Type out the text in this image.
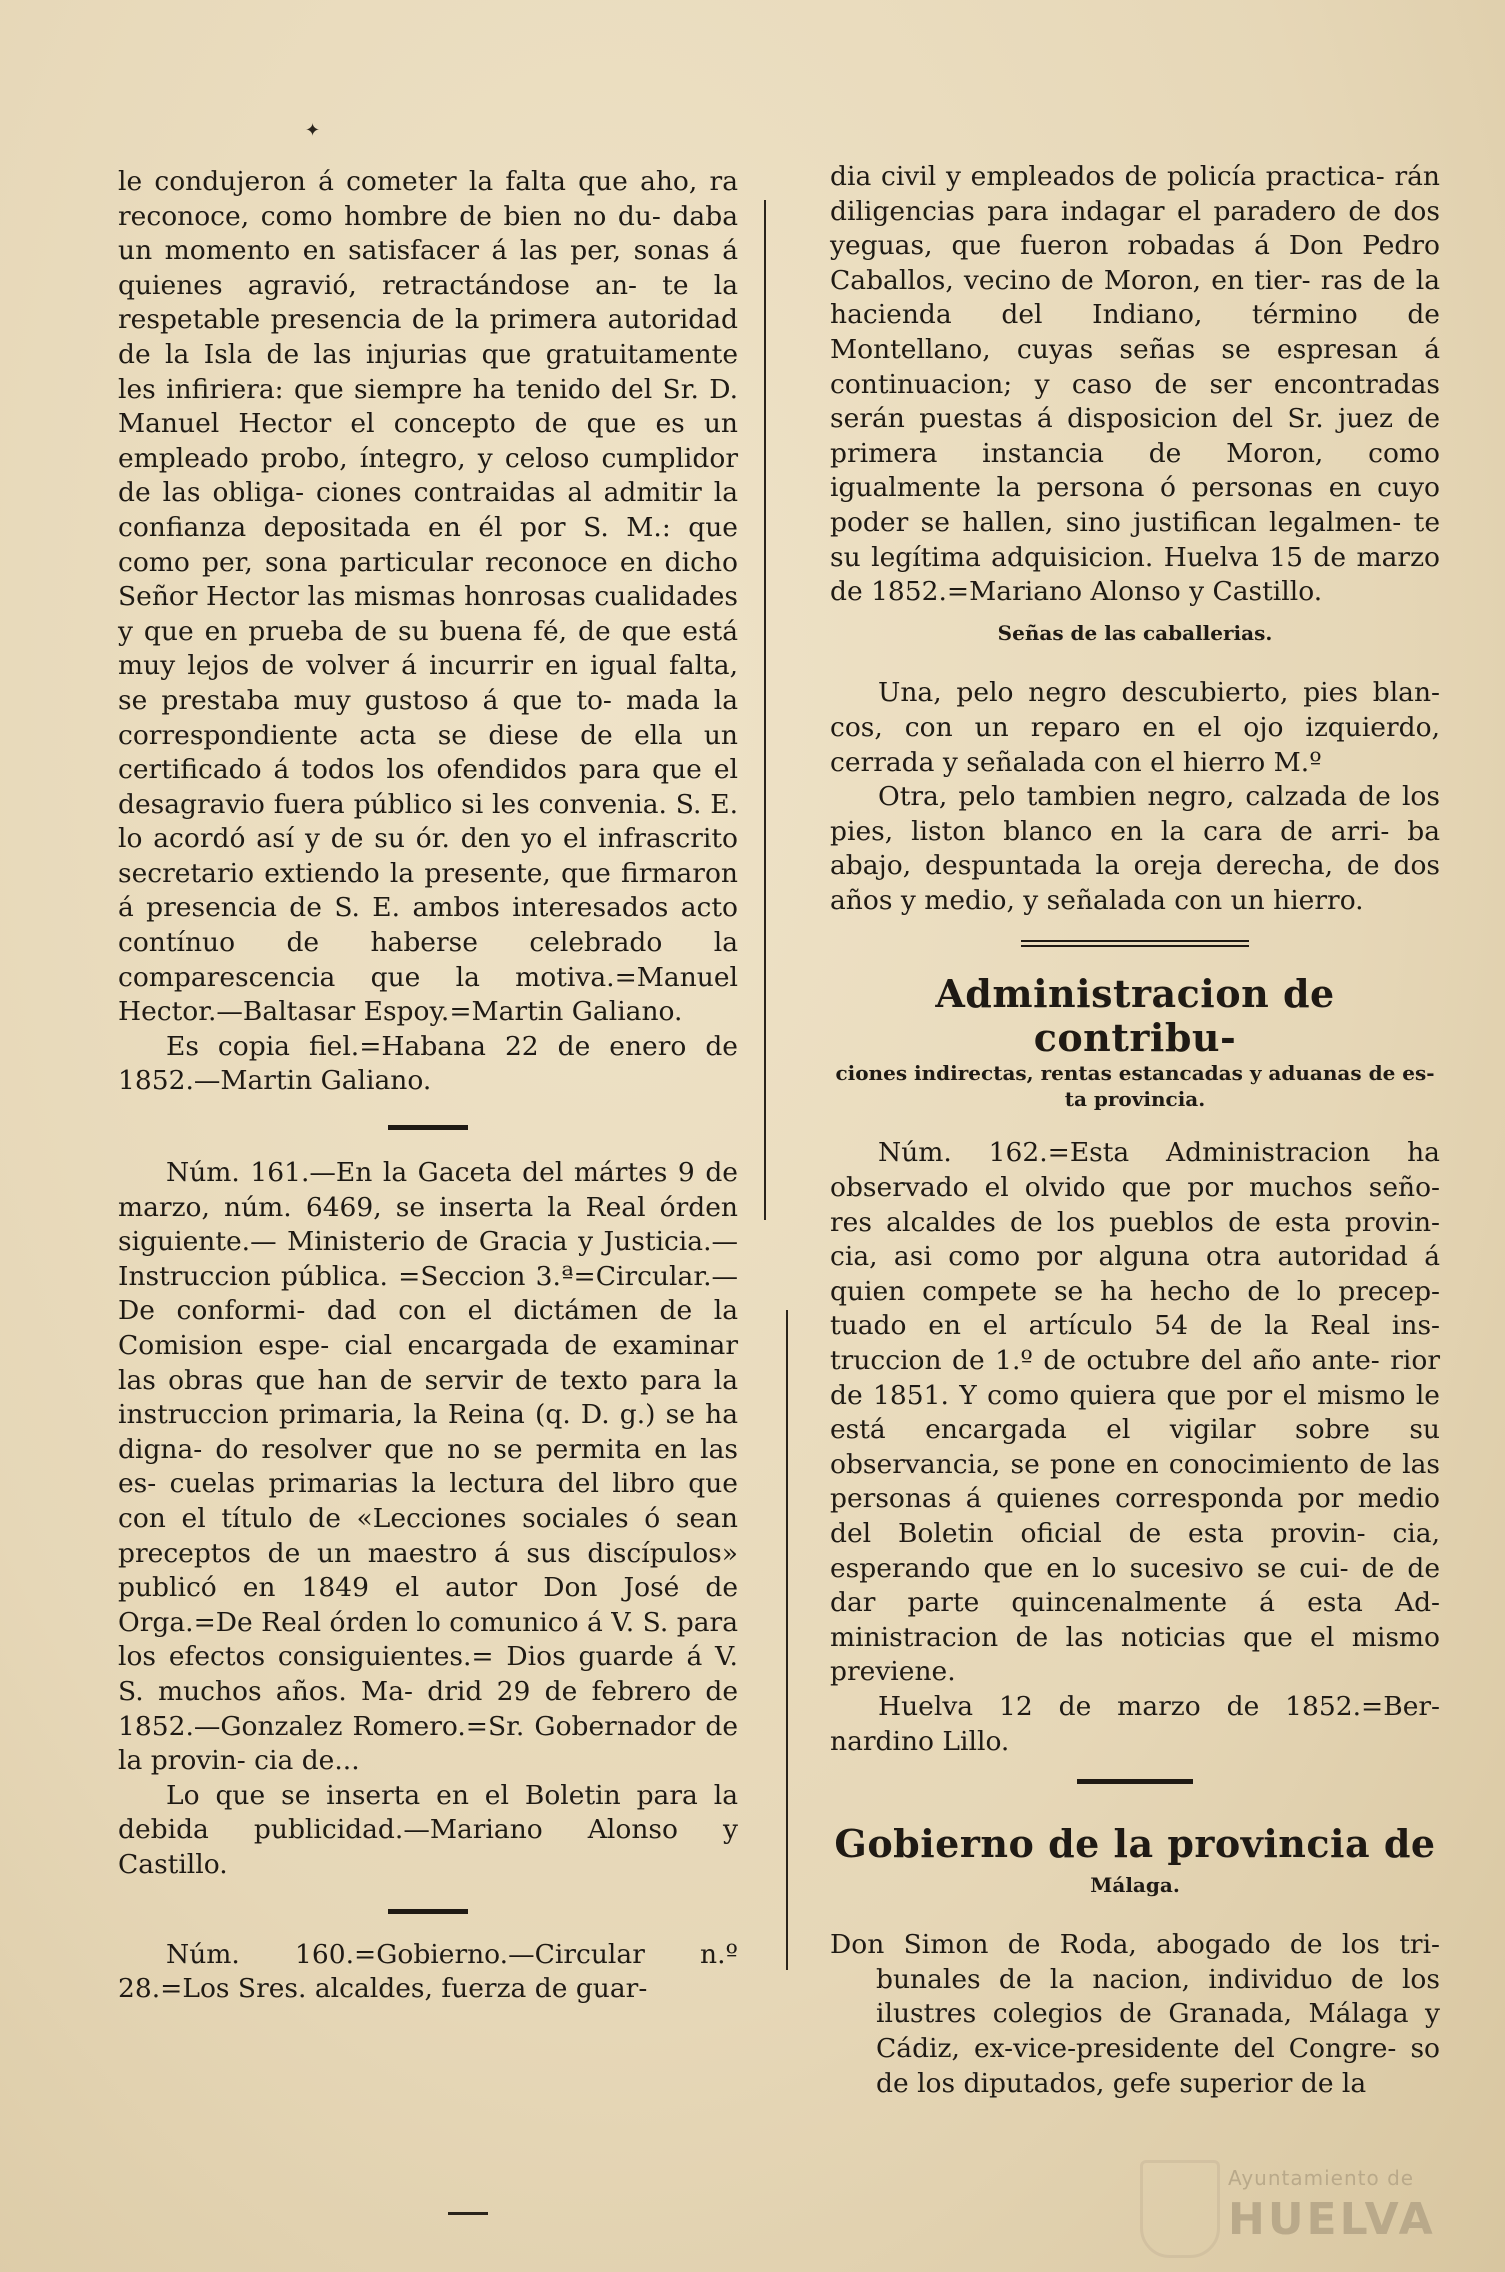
✦

le condujeron á cometer la falta que aho, ra reconoce, como hombre de bien no du- daba un momento en satisfacer á las per, sonas á quienes agravió, retractándose an- te la respetable presencia de la primera autoridad de la Isla de las injurias que gratuitamente les infiriera: que siempre ha tenido del Sr. D. Manuel Hector el concepto de que es un empleado probo, íntegro, y celoso cumplidor de las obliga- ciones contraidas al admitir la confianza depositada en él por S. M.: que como per, sona particular reconoce en dicho Señor Hector las mismas honrosas cualidades y que en prueba de su buena fé, de que está muy lejos de volver á incurrir en igual falta, se prestaba muy gustoso á que to- mada la correspondiente acta se diese de ella un certificado á todos los ofendidos para que el desagravio fuera público si les convenia. S. E. lo acordó así y de su ór. den yo el infrascrito secretario extiendo la presente, que firmaron á presencia de S. E. ambos interesados acto contínuo de haberse celebrado la comparescencia que la motiva.=Manuel Hector.—Baltasar Espoy.=Martin Galiano.

Es copia fiel.=Habana 22 de enero de 1852.—Martin Galiano.

Núm. 161.—En la Gaceta del mártes 9 de marzo, núm. 6469, se inserta la Real órden siguiente.— Ministerio de Gracia y Justicia.—Instruccion pública. =Seccion 3.ª=Circular.—De conformi- dad con el dictámen de la Comision espe- cial encargada de examinar las obras que han de servir de texto para la instruccion primaria, la Reina (q. D. g.) se ha digna- do resolver que no se permita en las es- cuelas primarias la lectura del libro que con el título de «Lecciones sociales ó sean preceptos de un maestro á sus discípulos» publicó en 1849 el autor Don José de Orga.=De Real órden lo comunico á V. S. para los efectos consiguientes.= Dios guarde á V. S. muchos años. Ma- drid 29 de febrero de 1852.—Gonzalez Romero.=Sr. Gobernador de la provin- cia de...

Lo que se inserta en el Boletin para la debida publicidad.—Mariano Alonso y Castillo.

Núm. 160.=Gobierno.—Circular n.º 28.=Los Sres. alcaldes, fuerza de guar-

dia civil y empleados de policía practica- rán diligencias para indagar el paradero de dos yeguas, que fueron robadas á Don Pedro Caballos, vecino de Moron, en tier- ras de la hacienda del Indiano, término de Montellano, cuyas señas se espresan á continuacion; y caso de ser encontradas serán puestas á disposicion del Sr. juez de primera instancia de Moron, como igualmente la persona ó personas en cuyo poder se hallen, sino justifican legalmen- te su legítima adquisicion. Huelva 15 de marzo de 1852.=Mariano Alonso y Castillo.

Señas de las caballerias.

Una, pelo negro descubierto, pies blan- cos, con un reparo en el ojo izquierdo, cerrada y señalada con el hierro M.º

Otra, pelo tambien negro, calzada de los pies, liston blanco en la cara de arri- ba abajo, despuntada la oreja derecha, de dos años y medio, y señalada con un hierro.

Administracion de contribu-

ciones indirectas, rentas estancadas y aduanas de es- ta provincia.

Núm. 162.=Esta Administracion ha observado el olvido que por muchos seño- res alcaldes de los pueblos de esta provin- cia, asi como por alguna otra autoridad á quien compete se ha hecho de lo precep- tuado en el artículo 54 de la Real ins- truccion de 1.º de octubre del año ante- rior de 1851. Y como quiera que por el mismo le está encargada el vigilar sobre su observancia, se pone en conocimiento de las personas á quienes corresponda por medio del Boletin oficial de esta provin- cia, esperando que en lo sucesivo se cui- de de dar parte quincenalmente á esta Ad- ministracion de las noticias que el mismo previene.

Huelva 12 de marzo de 1852.=Ber- nardino Lillo.

Gobierno de la provincia de

Málaga.

Don Simon de Roda, abogado de los tri- bunales de la nacion, individuo de los ilustres colegios de Granada, Málaga y Cádiz, ex-vice-presidente del Congre- so de los diputados, gefe superior de la

Ayuntamiento de
HUELVA
